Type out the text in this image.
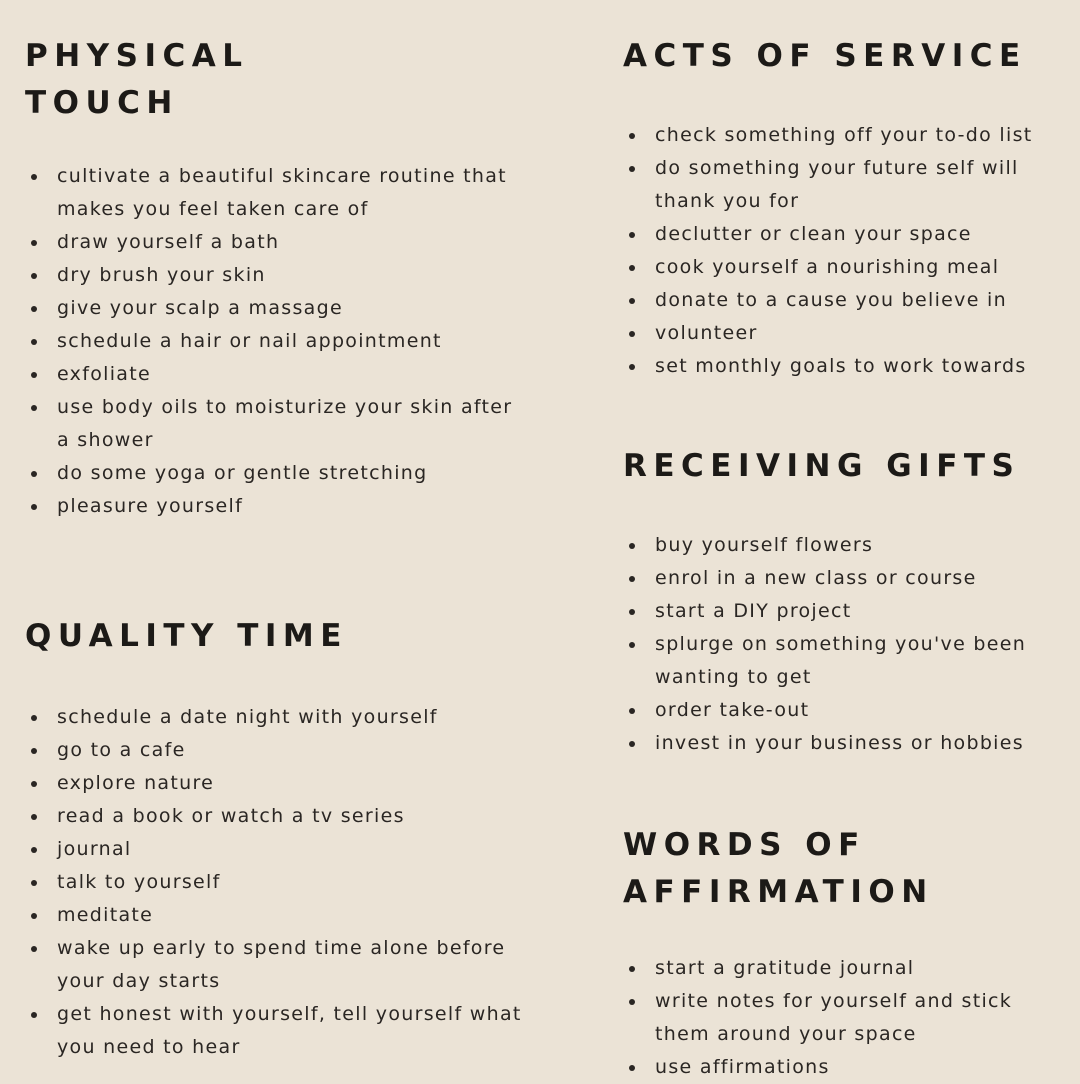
PHYSICAL
TOUCH
cultivate a beautiful skincare routine that makes you feel taken care of
draw yourself a bath
dry brush your skin
give your scalp a massage
schedule a hair or nail appointment
exfoliate
use body oils to moisturize your skin after a shower
do some yoga or gentle stretching
pleasure yourself
QUALITY TIME
schedule a date night with yourself
go to a cafe
explore nature
read a book or watch a tv series
journal
talk to yourself
meditate
wake up early to spend time alone before your day starts
get honest with yourself, tell yourself what you need to hear
ACTS OF SERVICE
check something off your to-do list
do something your future self will thank you for
declutter or clean your space
cook yourself a nourishing meal
donate to a cause you believe in
volunteer
set monthly goals to work towards
RECEIVING GIFTS
buy yourself flowers
enrol in a new class or course
start a DIY project
splurge on something you've been wanting to get
order take-out
invest in your business or hobbies
WORDS OF
AFFIRMATION
start a gratitude journal
write notes for yourself and stick them around your space
use affirmations
